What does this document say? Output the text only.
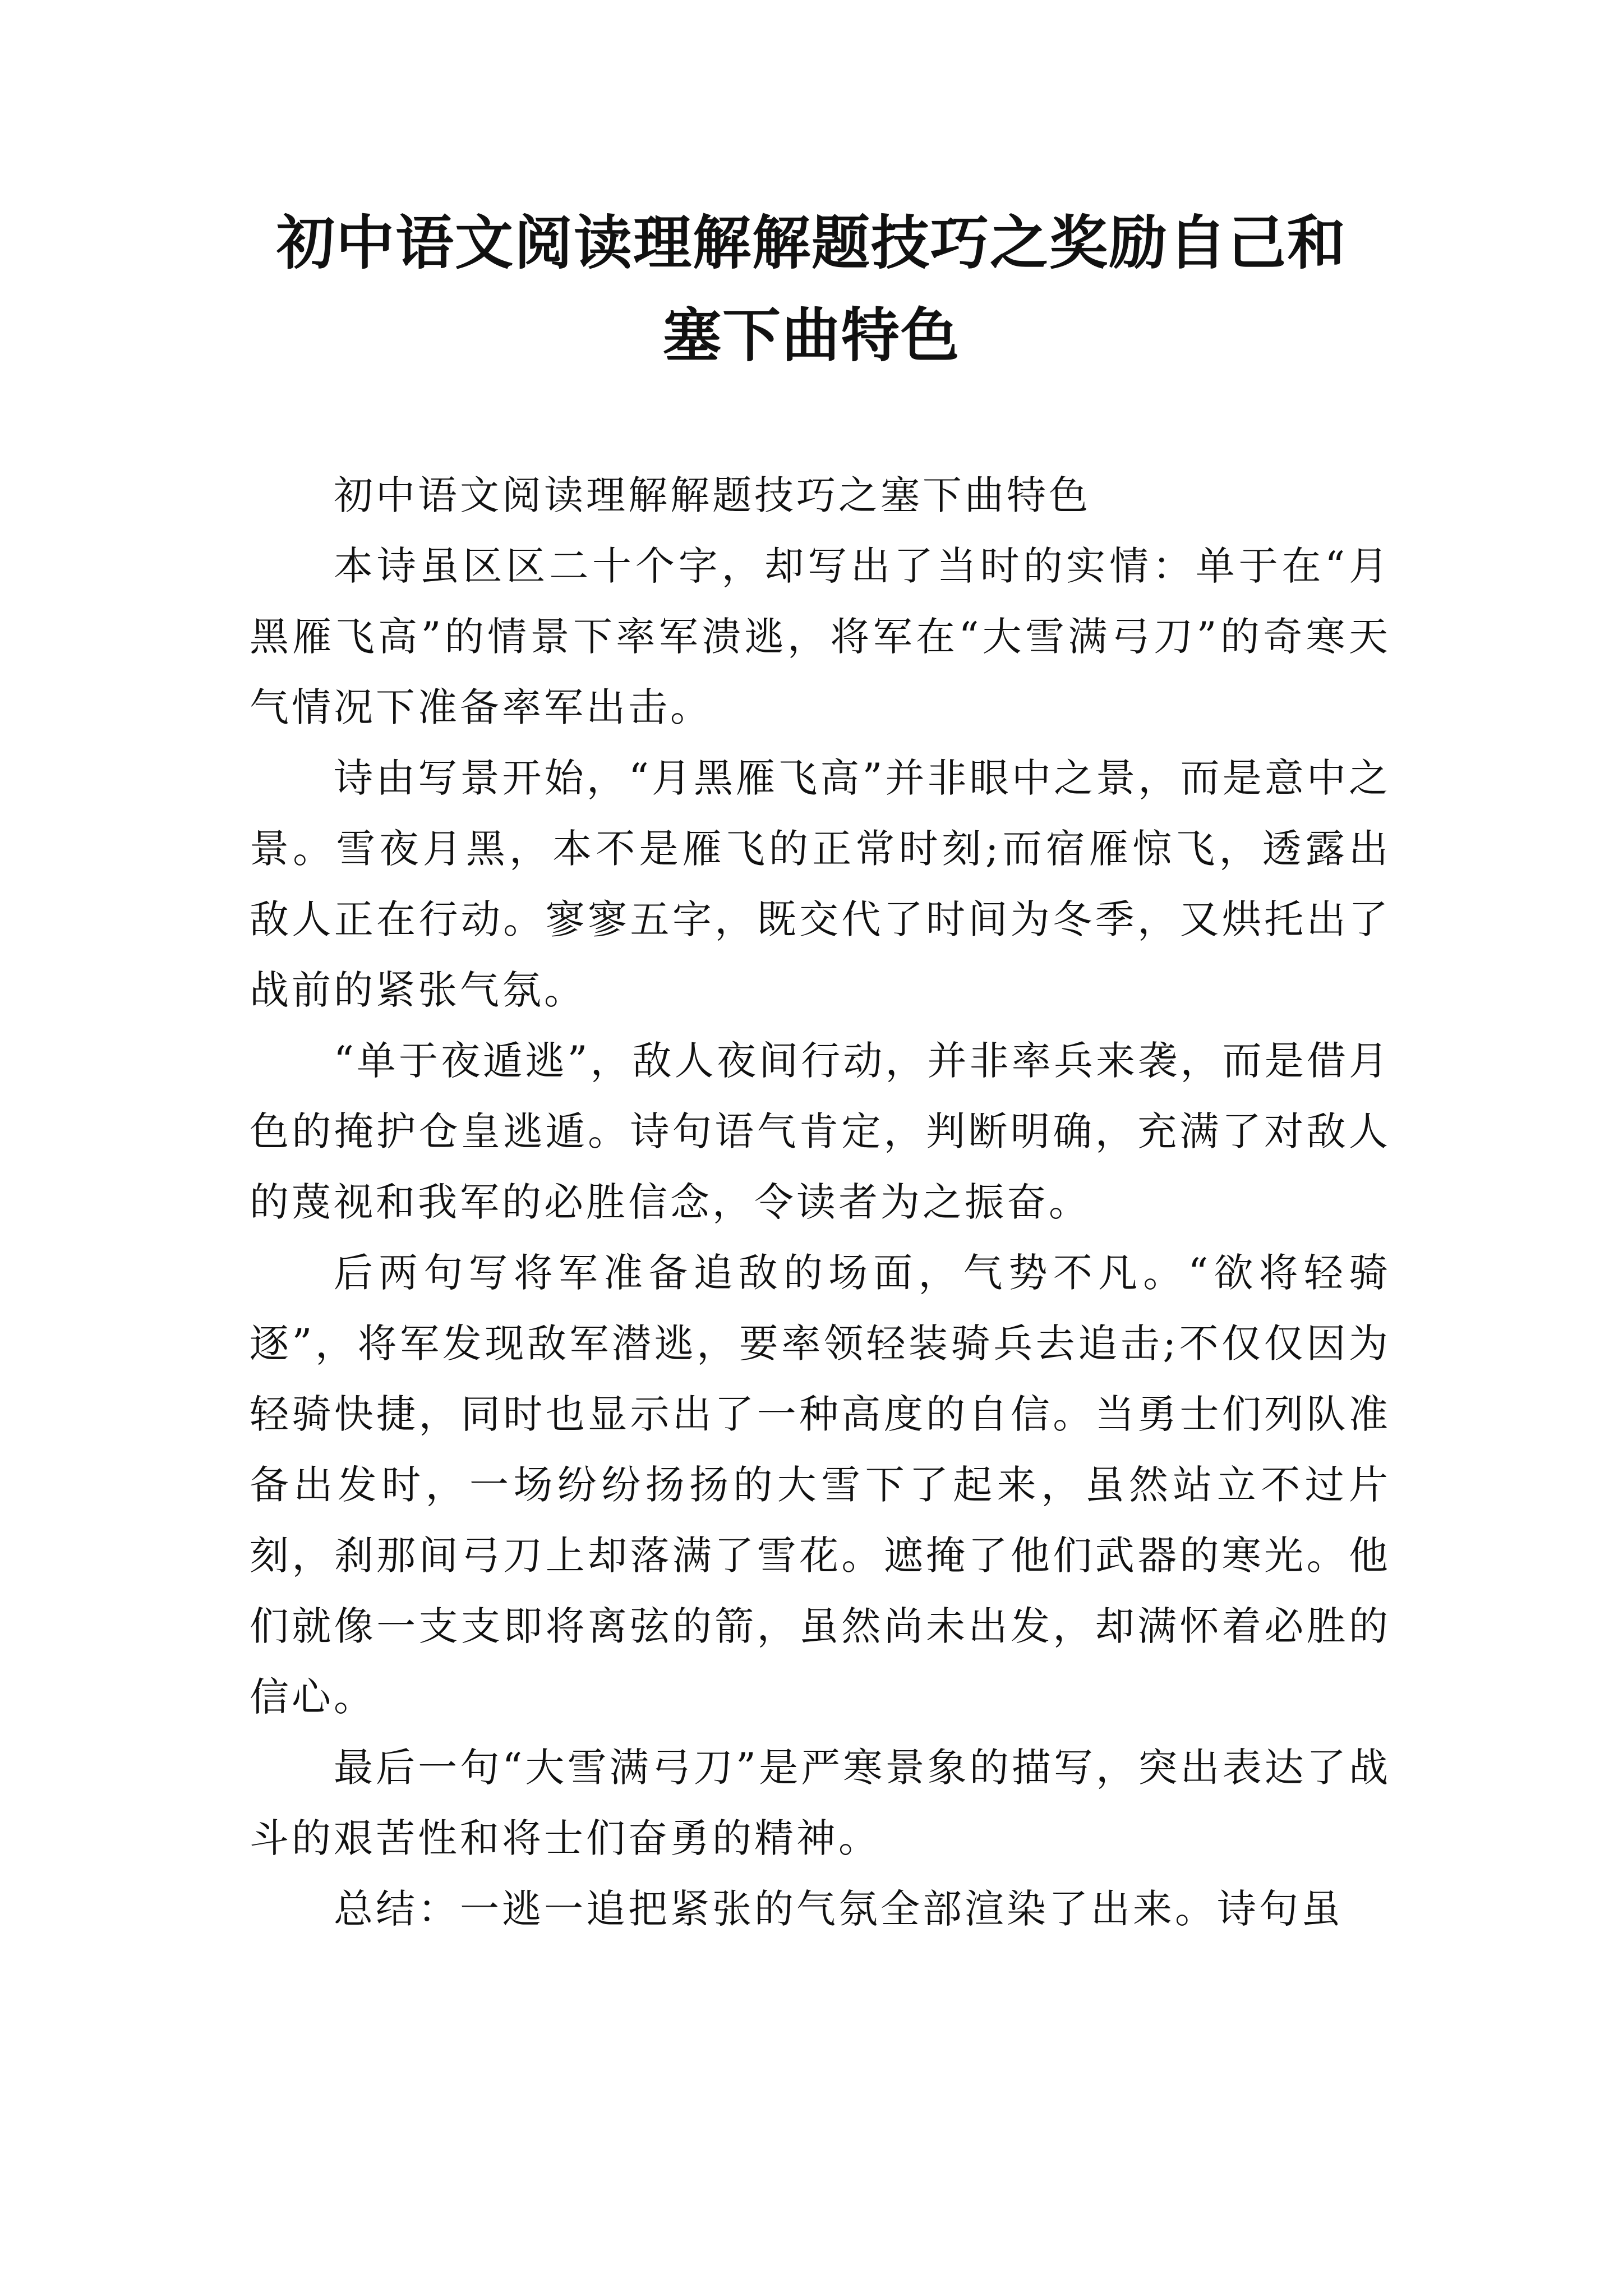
初中语文阅读理解解题技巧之奖励自己和
塞下曲特色

初中语文阅读理解解题技巧之塞下曲特色

本诗虽区区二十个字，却写出了当时的实情：单于在“月黑雁飞高”的情景下率军溃逃，将军在“大雪满弓刀”的奇寒天气情况下准备率军出击。

诗由写景开始，“月黑雁飞高”并非眼中之景，而是意中之景。雪夜月黑，本不是雁飞的正常时刻;而宿雁惊飞，透露出敌人正在行动。寥寥五字，既交代了时间为冬季，又烘托出了战前的紧张气氛。

“单于夜遁逃”，敌人夜间行动，并非率兵来袭，而是借月色的掩护仓皇逃遁。诗句语气肯定，判断明确，充满了对敌人的蔑视和我军的必胜信念，令读者为之振奋。

后两句写将军准备追敌的场面，气势不凡。“欲将轻骑逐”，将军发现敌军潜逃，要率领轻装骑兵去追击;不仅仅因为轻骑快捷，同时也显示出了一种高度的自信。当勇士们列队准备出发时，一场纷纷扬扬的大雪下了起来，虽然站立不过片刻，刹那间弓刀上却落满了雪花。遮掩了他们武器的寒光。他们就像一支支即将离弦的箭，虽然尚未出发，却满怀着必胜的信心。

最后一句“大雪满弓刀”是严寒景象的描写，突出表达了战斗的艰苦性和将士们奋勇的精神。

总结：一逃一追把紧张的气氛全部渲染了出来。诗句虽
